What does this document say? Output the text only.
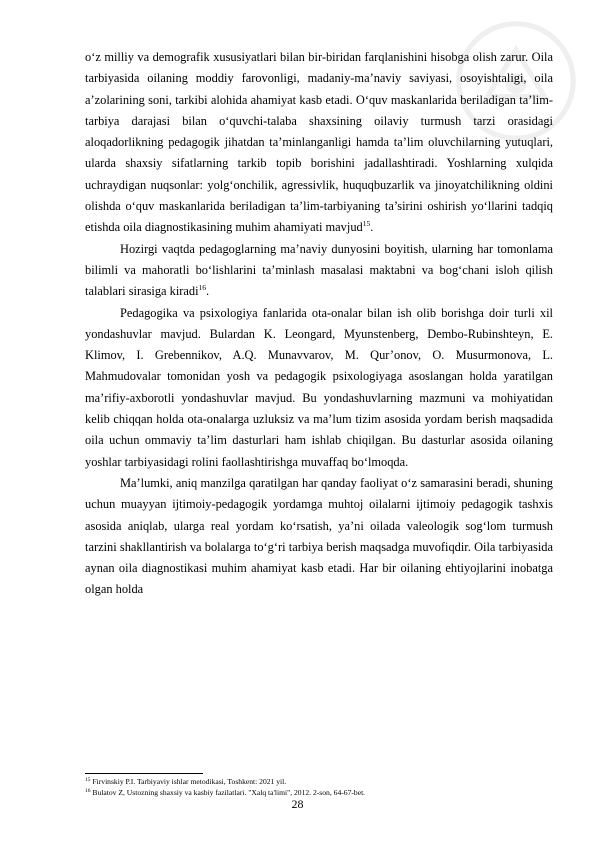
o‘z milliy va demografik xususiyatlari bilan bir-biridan farqlanishini hisobga olish zarur. Oila tarbiyasida oilaning moddiy farovonligi, madaniy-ma’naviy saviyasi, osoyishtaligi, oila a’zolarining soni, tarkibi alohida ahamiyat kasb etadi. O‘quv maskanlarida beriladigan ta’lim-tarbiya darajasi bilan o‘quvchi-talaba shaxsining oilaviy turmush tarzi orasidagi aloqadorlikning pedagogik jihatdan ta’minlanganligi hamda ta’lim oluvchilarning yutuqlari, ularda shaxsiy sifatlarning tarkib topib borishini jadallashtiradi. Yoshlarning xulqida uchraydigan nuqsonlar: yolg‘onchilik, agressivlik, huquqbuzarlik va jinoyatchilikning oldini olishda o‘quv maskanlarida beriladigan ta’lim-tarbiyaning ta’sirini oshirish yo‘llarini tadqiq etishda oila diagnostikasining muhim ahamiyati mavjud$^{15}$.

Hozirgi vaqtda pedagoglarning ma’naviy dunyosini boyitish, ularning har tomonlama bilimli va mahoratli bo‘lishlarini ta’minlash masalasi maktabni va bog‘chani isloh qilish talablari sirasiga kiradi$^{16}$.

Pedagogika va psixologiya fanlarida ota-onalar bilan ish olib borishga doir turli xil yondashuvlar mavjud. Bulardan K. Leongard, Myunstenberg, Dembo-Rubinshteyn, E. Klimov, I. Grebennikov, A.Q. Munavvarov, M. Qur’onov, O. Musurmonova, L. Mahmudovalar tomonidan yosh va pedagogik psixologiyaga asoslangan holda yaratilgan ma’rifiy-axborotli yondashuvlar mavjud. Bu yondashuvlarning mazmuni va mohiyatidan kelib chiqqan holda ota-onalarga uzluksiz va ma’lum tizim asosida yordam berish maqsadida oila uchun ommaviy ta’lim dasturlari ham ishlab chiqilgan. Bu dasturlar asosida oilaning yoshlar tarbiyasidagi rolini faollashtirishga muvaffaq bo‘lmoqda.

Ma’lumki, aniq manzilga qaratilgan har qanday faoliyat o‘z samarasini beradi, shuning uchun muayyan ijtimoiy-pedagogik yordamga muhtoj oilalarni ijtimoiy pedagogik tashxis asosida aniqlab, ularga real yordam ko‘rsatish, ya’ni oilada valeologik sog‘lom turmush tarzini shakllantirish va bolalarga to‘g‘ri tarbiya berish maqsadga muvofiqdir. Oila tarbiyasida aynan oila diagnostikasi muhim ahamiyat kasb etadi. Har bir oilaning ehtiyojlarini inobatga olgan holda

$^{15}$ Firvinskiy P.I. Tarbiyaviy ishlar metodikasi, Toshkent: 2021 yil.

$^{16}$ Bulatov Z, Ustozning shaxsiy va kasbiy fazilatlari. "Xalq ta'limi", 2012. 2-son, 64-67-bet.

28
